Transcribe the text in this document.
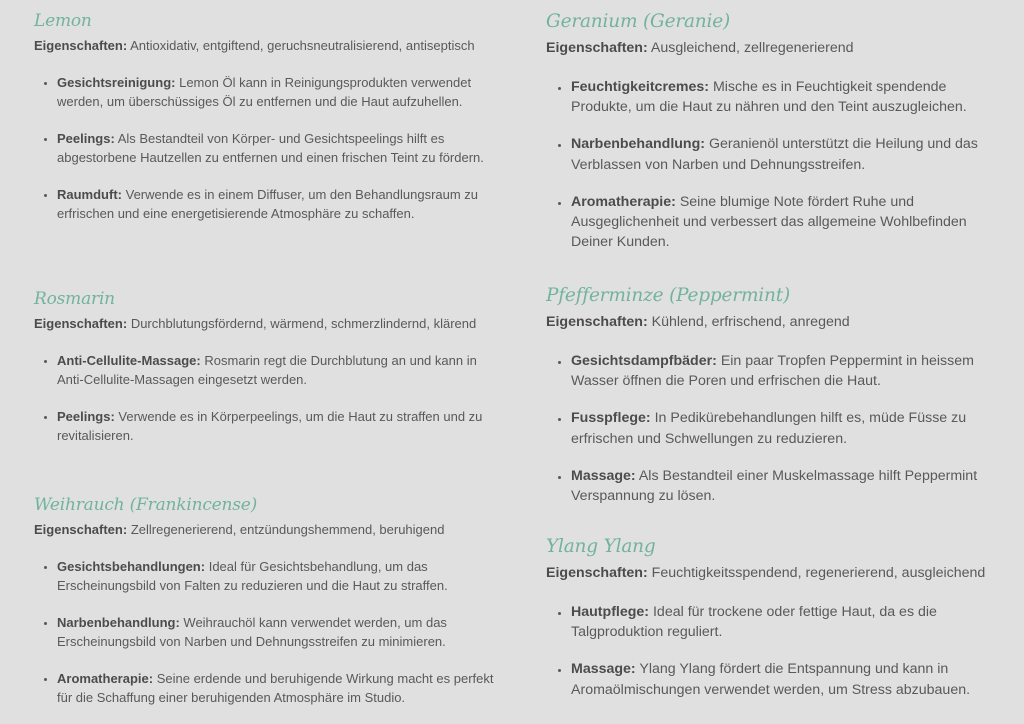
Lemon

Eigenschaften: Antioxidativ, entgiftend, geruchsneutralisierend, antiseptisch

Gesichtsreinigung: Lemon Öl kann in Reinigungsprodukten verwendet werden, um überschüssiges Öl zu entfernen und die Haut aufzuhellen.
Peelings: Als Bestandteil von Körper- und Gesichtspeelings hilft es abgestorbene Hautzellen zu entfernen und einen frischen Teint zu fördern.
Raumduft: Verwende es in einem Diffuser, um den Behandlungsraum zu erfrischen und eine energetisierende Atmosphäre zu schaffen.
Rosmarin

Eigenschaften: Durchblutungsfördernd, wärmend, schmerzlindernd, klärend

Anti-Cellulite-Massage: Rosmarin regt die Durchblutung an und kann in Anti-Cellulite-Massagen eingesetzt werden.
Peelings: Verwende es in Körperpeelings, um die Haut zu straffen und zu revitalisieren.
Weihrauch (Frankincense)

Eigenschaften: Zellregenerierend, entzündungshemmend, beruhigend

Gesichtsbehandlungen: Ideal für Gesichtsbehandlung, um das Erscheinungsbild von Falten zu reduzieren und die Haut zu straffen.
Narbenbehandlung: Weihrauchöl kann verwendet werden, um das Erscheinungsbild von Narben und Dehnungsstreifen zu minimieren.
Aromatherapie: Seine erdende und beruhigende Wirkung macht es perfekt für die Schaffung einer beruhigenden Atmosphäre im Studio.
Geranium (Geranie)

Eigenschaften: Ausgleichend, zellregenerierend

Feuchtigkeitcremes: Mische es in Feuchtigkeit spendende Produkte, um die Haut zu nähren und den Teint auszugleichen.
Narbenbehandlung: Geranienöl unterstützt die Heilung und das Verblassen von Narben und Dehnungsstreifen.
Aromatherapie: Seine blumige Note fördert Ruhe und Ausgeglichenheit und verbessert das allgemeine Wohlbefinden Deiner Kunden.
Pfefferminze (Peppermint)

Eigenschaften: Kühlend, erfrischend, anregend

Gesichtsdampfbäder: Ein paar Tropfen Peppermint in heissem Wasser öffnen die Poren und erfrischen die Haut.
Fusspflege: In Pedikürebehandlungen hilft es, müde Füsse zu erfrischen und Schwellungen zu reduzieren.
Massage: Als Bestandteil einer Muskelmassage hilft Peppermint Verspannung zu lösen.
Ylang Ylang

Eigenschaften: Feuchtigkeitsspendend, regenerierend, ausgleichend

Hautpflege: Ideal für trockene oder fettige Haut, da es die Talgproduktion reguliert.
Massage: Ylang Ylang fördert die Entspannung und kann in Aromaölmischungen verwendet werden, um Stress abzubauen.
